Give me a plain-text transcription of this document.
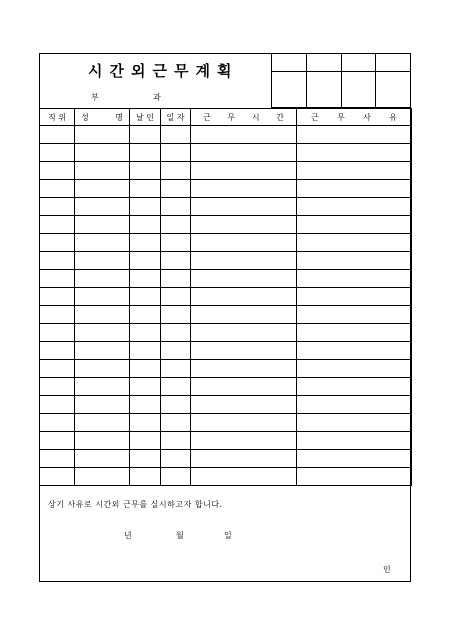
시간외근무계획
부	과

직 위	성 명	날 인	일 자	근 무 시 간	근 무 사 유

상기 사유로 시간외 근무를 실시하고자 합니다.
년	월	일
인
